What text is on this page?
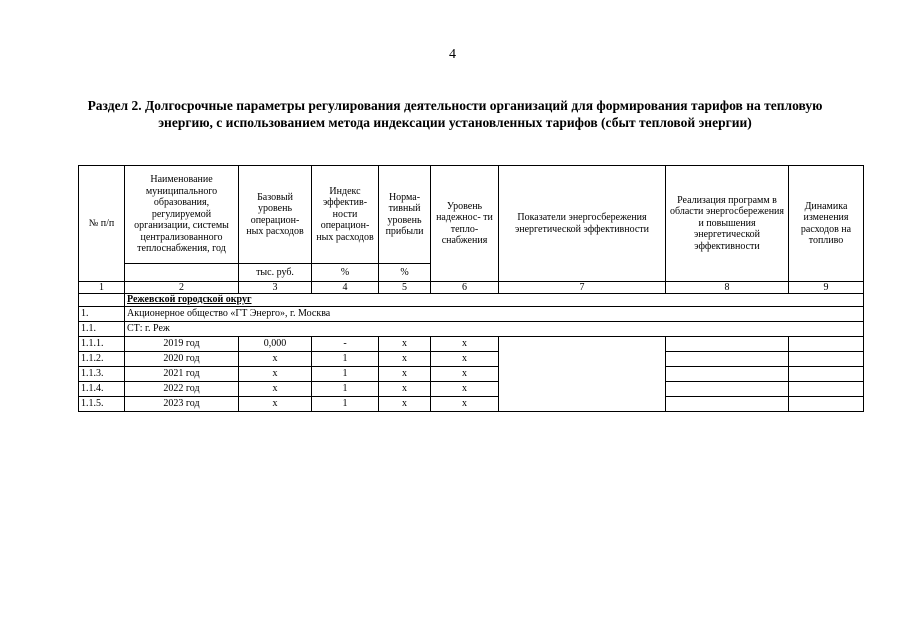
4
Раздел 2. Долгосрочные параметры регулирования деятельности организаций для формирования тарифов на тепловую энергию, с использованием метода индексации установленных тарифов (сбыт тепловой энергии)
№ п/п	Наименование муниципального образования, регулируемой организации, системы централизованного теплоснабжения, год	Базовый уровень операцион- ных расходов	Индекс эффектив- ности операцион- ных расходов	Норма- тивный уровень прибыли	Уровень надежнос- ти тепло- снабжения	Показатели энергосбережения энергетической эффективности	Реализация программ в области энергосбережения и повышения энергетической эффективности	Динамика изменения расходов на топливо
		тыс. руб.	%	%				
1	2	3	4	5	6	7	8	9
	Режевской городской округ							
1.	Акционерное общество «ГТ Энерго», г. Москва							
1.1.	СТ: г. Реж							
1.1.1.	2019 год	0,000	-	x	x			
1.1.2.	2020 год	x	1	x	x			
1.1.3.	2021 год	x	1	x	x			
1.1.4.	2022 год	x	1	x	x			
1.1.5.	2023 год	x	1	x	x			
